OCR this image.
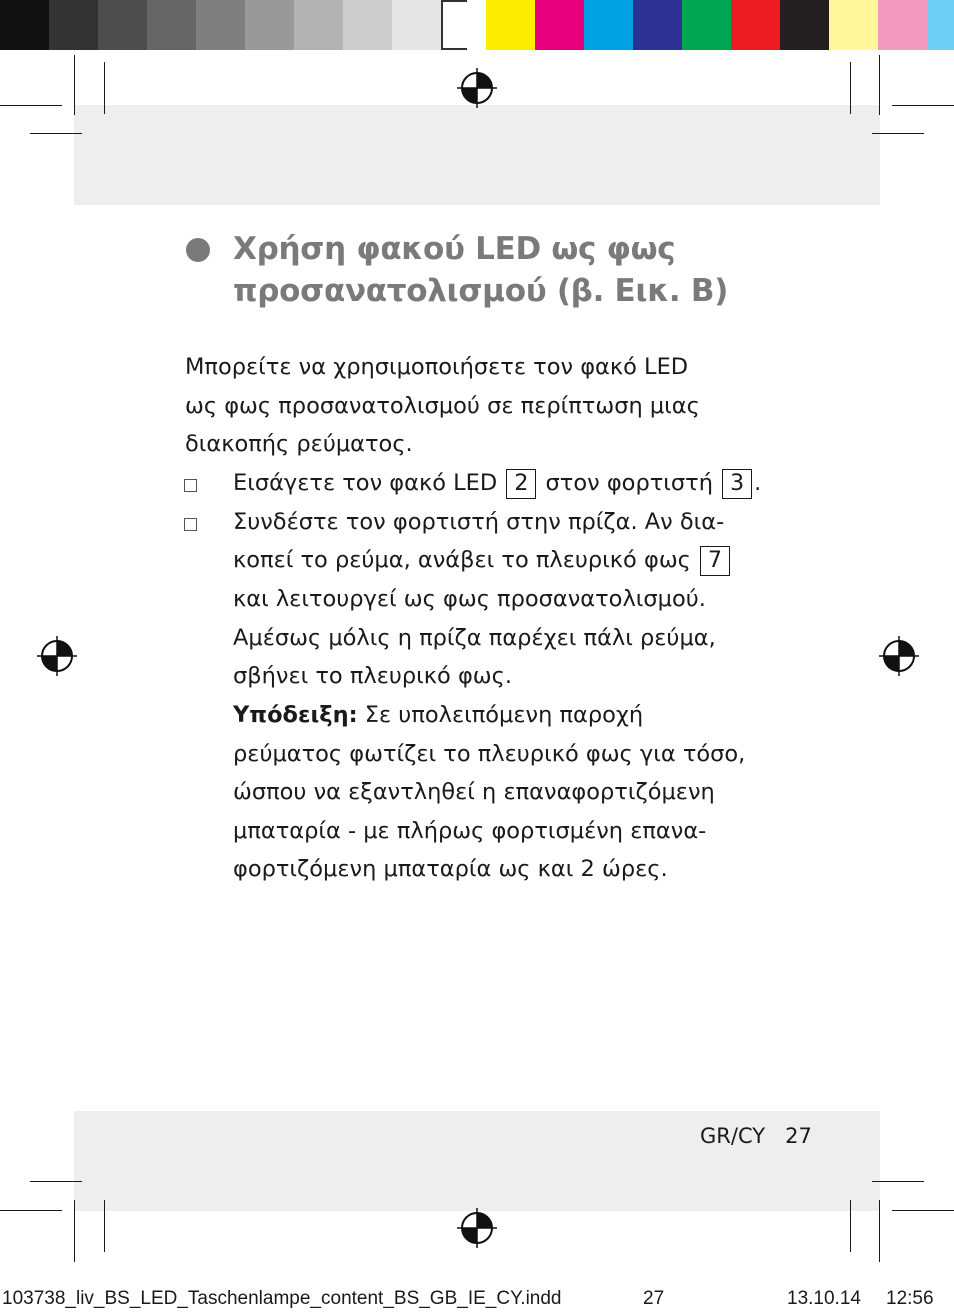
Χρήση φακού LED ως φως
προσανατολισμού (β. Εικ. B)
Μπορείτε να χρησιμοποιήσετε τον φακό LED
ως φως προσανατολισμού σε περίπτωση μιας
διακοπής ρεύματος.
Εισάγετε τον φακό LED 2 στον φορτιστή 3 .
Συνδέστε τον φορτιστή στην πρίζα. Αν δια-
κοπεί το ρεύμα, ανάβει το πλευρικό φως 7
και λειτουργεί ως φως προσανατολισμού.
Αμέσως μόλις η πρίζα παρέχει πάλι ρεύμα,
σβήνει το πλευρικό φως.
Υπόδειξη: Σε υπολειπόμενη παροχή
ρεύματος φωτίζει το πλευρικό φως για τόσο,
ώσπου να εξαντληθεί η επαναφορτιζόμενη
μπαταρία - με πλήρως φορτισμένη επανα-
φορτιζόμενη μπαταρία ως και 2 ώρες.
GR/CY 27
103738_liv_BS_LED_Taschenlampe_content_BS_GB_IE_CY.indd	27	13.10.14 12:56
